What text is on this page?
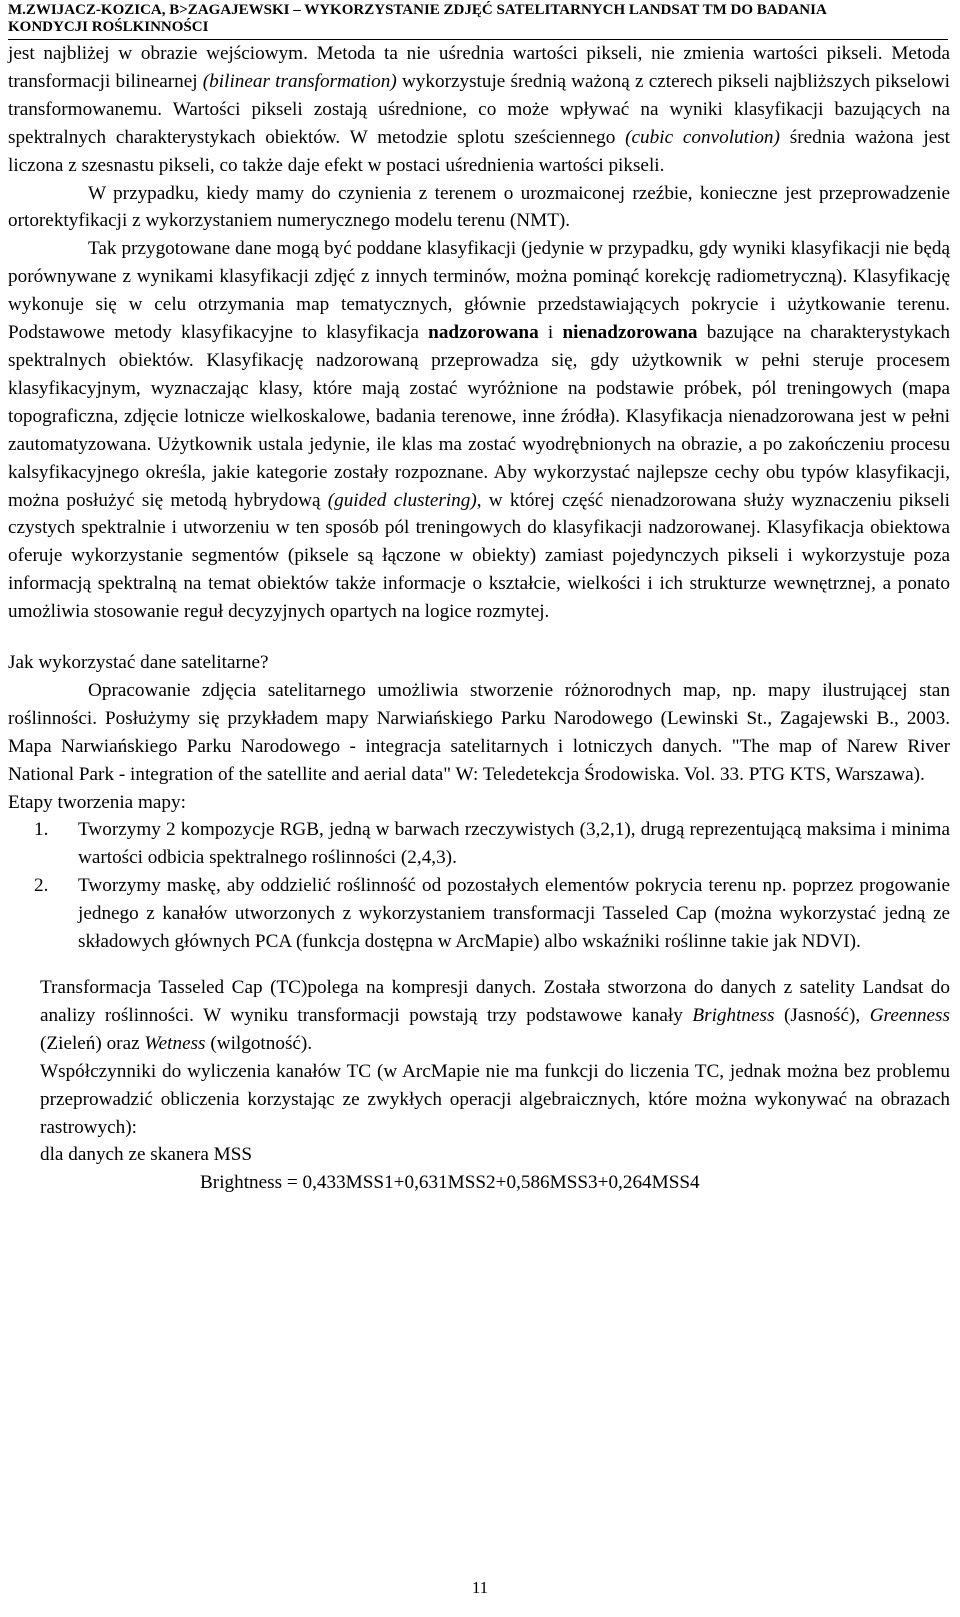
M.ZWIJACZ-KOZICA, B>ZAGAJEWSKI – WYKORZYSTANIE ZDJĘĆ SATELITARNYCH LANDSAT TM DO BADANIA
KONDYCJI ROŚLKINNOŚCI

jest najbliżej w obrazie wejściowym. Metoda ta nie uśrednia wartości pikseli, nie zmienia wartości pikseli. Metoda transformacji bilinearnej (bilinear transformation) wykorzystuje średnią ważoną z czterech pikseli najbliższych pikselowi transformowanemu. Wartości pikseli zostają uśrednione, co może wpływać na wyniki klasyfikacji bazujących na spektralnych charakterystykach obiektów. W metodzie splotu sześciennego (cubic convolution) średnia ważona jest liczona z szesnastu pikseli, co także daje efekt w postaci uśrednienia wartości pikseli.

W przypadku, kiedy mamy do czynienia z terenem o urozmaiconej rzeźbie, konieczne jest przeprowadzenie ortorektyfikacji z wykorzystaniem numerycznego modelu terenu (NMT).

Tak przygotowane dane mogą być poddane klasyfikacji (jedynie w przypadku, gdy wyniki klasyfikacji nie będą porównywane z wynikami klasyfikacji zdjęć z innych terminów, można pominąć korekcję radiometryczną). Klasyfikację wykonuje się w celu otrzymania map tematycznych, głównie przedstawiających pokrycie i użytkowanie terenu. Podstawowe metody klasyfikacyjne to klasyfikacja nadzorowana i nienadzorowana bazujące na charakterystykach spektralnych obiektów. Klasyfikację nadzorowaną przeprowadza się, gdy użytkownik w pełni steruje procesem klasyfikacyjnym, wyznaczając klasy, które mają zostać wyróżnione na podstawie próbek, pól treningowych (mapa topograficzna, zdjęcie lotnicze wielkoskalowe, badania terenowe, inne źródła). Klasyfikacja nienadzorowana jest w pełni zautomatyzowana. Użytkownik ustala jedynie, ile klas ma zostać wyodrębnionych na obrazie, a po zakończeniu procesu kalsyfikacyjnego określa, jakie kategorie zostały rozpoznane. Aby wykorzystać najlepsze cechy obu typów klasyfikacji, można posłużyć się metodą hybrydową (guided clustering), w której część nienadzorowana służy wyznaczeniu pikseli czystych spektralnie i utworzeniu w ten sposób pól treningowych do klasyfikacji nadzorowanej. Klasyfikacja obiektowa oferuje wykorzystanie segmentów (piksele są łączone w obiekty) zamiast pojedynczych pikseli i wykorzystuje poza informacją spektralną na temat obiektów także informacje o kształcie, wielkości i ich strukturze wewnętrznej, a ponato umożliwia stosowanie reguł decyzyjnych opartych na logice rozmytej.

Jak wykorzystać dane satelitarne?

Opracowanie zdjęcia satelitarnego umożliwia stworzenie różnorodnych map, np. mapy ilustrującej stan roślinności. Posłużymy się przykładem mapy Narwiańskiego Parku Narodowego (Lewinski St., Zagajewski B., 2003. Mapa Narwiańskiego Parku Narodowego - integracja satelitarnych i lotniczych danych. "The map of Narew River National Park - integration of the satellite and aerial data" W: Teledetekcja Środowiska. Vol. 33. PTG KTS, Warszawa).

Etapy tworzenia mapy:

1. Tworzymy 2 kompozycje RGB, jedną w barwach rzeczywistych (3,2,1), drugą reprezentującą maksima i minima wartości odbicia spektralnego roślinności (2,4,3).
2. Tworzymy maskę, aby oddzielić roślinność od pozostałych elementów pokrycia terenu np. poprzez progowanie jednego z kanałów utworzonych z wykorzystaniem transformacji Tasseled Cap (można wykorzystać jedną ze składowych głównych PCA (funkcja dostępna w ArcMapie) albo wskaźniki roślinne takie jak NDVI).

Transformacja Tasseled Cap (TC)polega na kompresji danych. Została stworzona do danych z satelity Landsat do analizy roślinności. W wyniku transformacji powstają trzy podstawowe kanały Brightness (Jasność), Greenness (Zieleń) oraz Wetness (wilgotność).

Współczynniki do wyliczenia kanałów TC (w ArcMapie nie ma funkcji do liczenia TC, jednak można bez problemu przeprowadzić obliczenia korzystając ze zwykłych operacji algebraicznych, które można wykonywać na obrazach rastrowych):

dla danych ze skanera MSS

Brightness = 0,433MSS1+0,631MSS2+0,586MSS3+0,264MSS4

11
